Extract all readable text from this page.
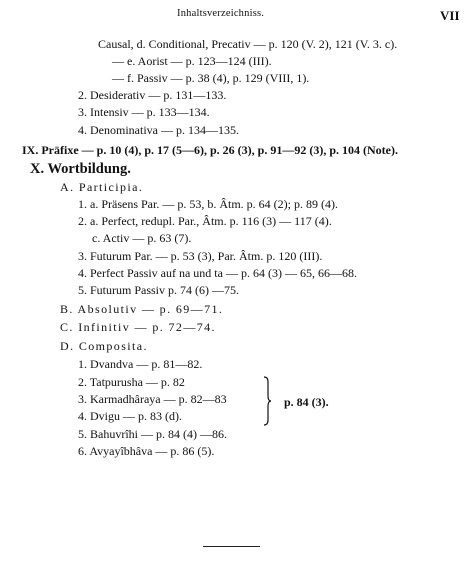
Inhaltsverzeichniss.	VII
Causal, d. Conditional, Precativ — p. 120 (V. 2), 121 (V. 3. c).
— e. Aorist — p. 123—124 (III).
— f. Passiv — p. 38 (4), p. 129 (VIII, 1).
2. Desiderativ — p. 131—133.
3. Intensiv — p. 133—134.
4. Denominativa — p. 134—135.
IX. Präfixe — p. 10 (4), p. 17 (5—6), p. 26 (3), p. 91—92 (3), p. 104 (Note).
X. Wortbildung.
A. Participia.
1. a. Präsens Par. — p. 53, b. Âtm. p. 64 (2); p. 89 (4).
2. a. Perfect, redupl. Par., Âtm. p. 116 (3) — 117 (4).
c. Activ — p. 63 (7).
3. Futurum Par. — p. 53 (3), Par. Âtm. p. 120 (III).
4. Perfect Passiv auf na und ta — p. 64 (3) — 65, 66—68.
5. Futurum Passiv p. 74 (6) —75.
B. Absolutiv — p. 69—71.
C. Infinitiv — p. 72—74.
D. Composita.
1. Dvandva — p. 81—82.
2. Tatpurusha — p. 82
3. Karmadhâraya — p. 82—83
4. Dvigu — p. 83 (d).
5. Bahuvrîhi — p. 84 (4) —86.
6. Avyayîbhâva — p. 86 (5).
p. 84 (3).
